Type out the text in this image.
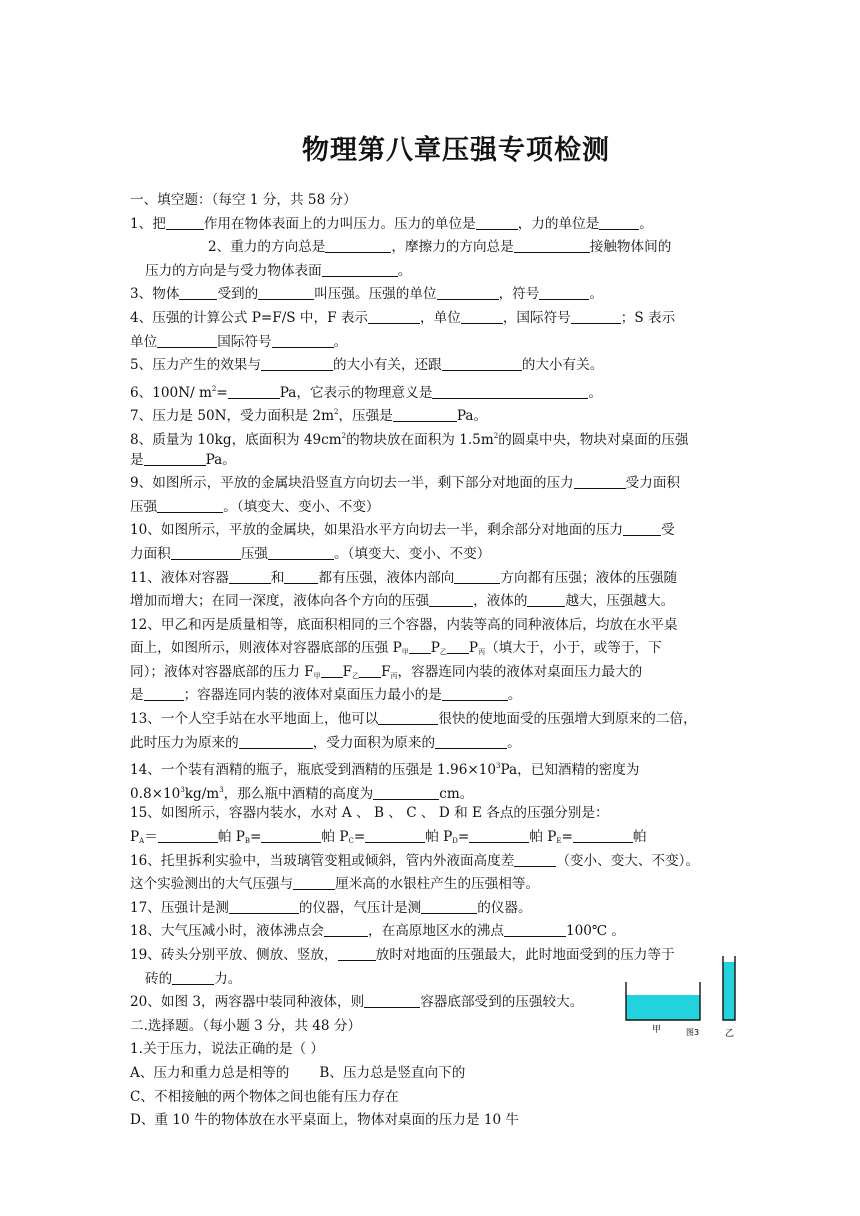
物理第八章压强专项检测
一、填空题：（每空 1 分，共 58 分）
1、把	作用在物体表面上的力叫压力。压力的单位是	，力的单位是	。
2、重力的方向总是	，摩擦力的方向总是	接触物体间的
压力的方向是与受力物体表面	。
3、物体	受到的	叫压强。压强的单位	，符号	。
4、压强的计算公式 P=F/S 中，F 表示	，单位	，国际符号	；S 表示
单位	国际符号	。
5、压力产生的效果与	的大小有关，还跟	的大小有关。
6、100N/ $m^2=$	Pa，它表示的物理意义是	。
7、压力是 50N，受力面积是 $2m^2$，压强是	Pa。
8、质量为 10kg，底面积为 $49cm^2$的物块放在面积为 $1.5m^2$的圆桌中央，物块对桌面的压强
是	Pa。
9、如图所示，平放的金属块沿竖直方向切去一半，剩下部分对地面的压力	受力面积
压强	。（填变大、变小、不变）
10、如图所示，平放的金属块，如果沿水平方向切去一半，剩余部分对地面的压力	受
力面积	压强	。（填变大、变小、不变）
11、液体对容器	和	都有压强，液体内部向	方向都有压强；液体的压强随
增加而增大；在同一深度，液体向各个方向的压强	，液体的	越大，压强越大。
12、甲乙和丙是质量相等，底面积相同的三个容器，内装等高的同种液体后，均放在水平桌
面上，如图所示，则液体对容器底部的压强 $P_甲$ $P_乙$ $P_丙$（填大于，小于，或等于，下
同）；液体对容器底部的压力 $F_甲$ $F_乙$ $F_丙$，容器连同内装的液体对桌面压力最大的
是	；容器连同内装的液体对桌面压力最小的是	。
13、一个人空手站在水平地面上，他可以	很快的使地面受的压强增大到原来的二倍，
此时压力为原来的	，受力面积为原来的	。
14、一个装有酒精的瓶子，瓶底受到酒精的压强是 $1.96\times 10^3Pa$，已知酒精的密度为
$0.8\times 10^3kg/m^3$，那么瓶中酒精的高度为	cm。
15、如图所示，容器内装水，水对 A 、 B 、 C 、 D 和 E 各点的压强分别是：
$P_A=$	帕 $P_B=$	帕 $P_C=$	帕 $P_D=$	帕 $P_E=$	帕
16、托里拆利实验中，当玻璃管变粗或倾斜，管内外液面高度差	（变小、变大、不变）。
这个实验测出的大气压强与	厘米高的水银柱产生的压强相等。
17、压强计是测	的仪器，气压计是测	的仪器。
18、大气压减小时，液体沸点会	，在高原地区水的沸点	100℃ 。
19、砖头分别平放、侧放、竖放，	放时对地面的压强最大，此时地面受到的压力等于
砖的	力。
20、如图 3，两容器中装同种液体，则	容器底部受到的压强较大。
二.选择题。（每小题 3 分，共 48 分）
1.关于压力，说法正确的是（ ）
A、压力和重力总是相等的 B、压力总是竖直向下的
C、不相接触的两个物体之间也能有压力存在
D、重 10 牛的物体放在水平桌面上，物体对桌面的压力是 10 牛
甲	图3	乙
